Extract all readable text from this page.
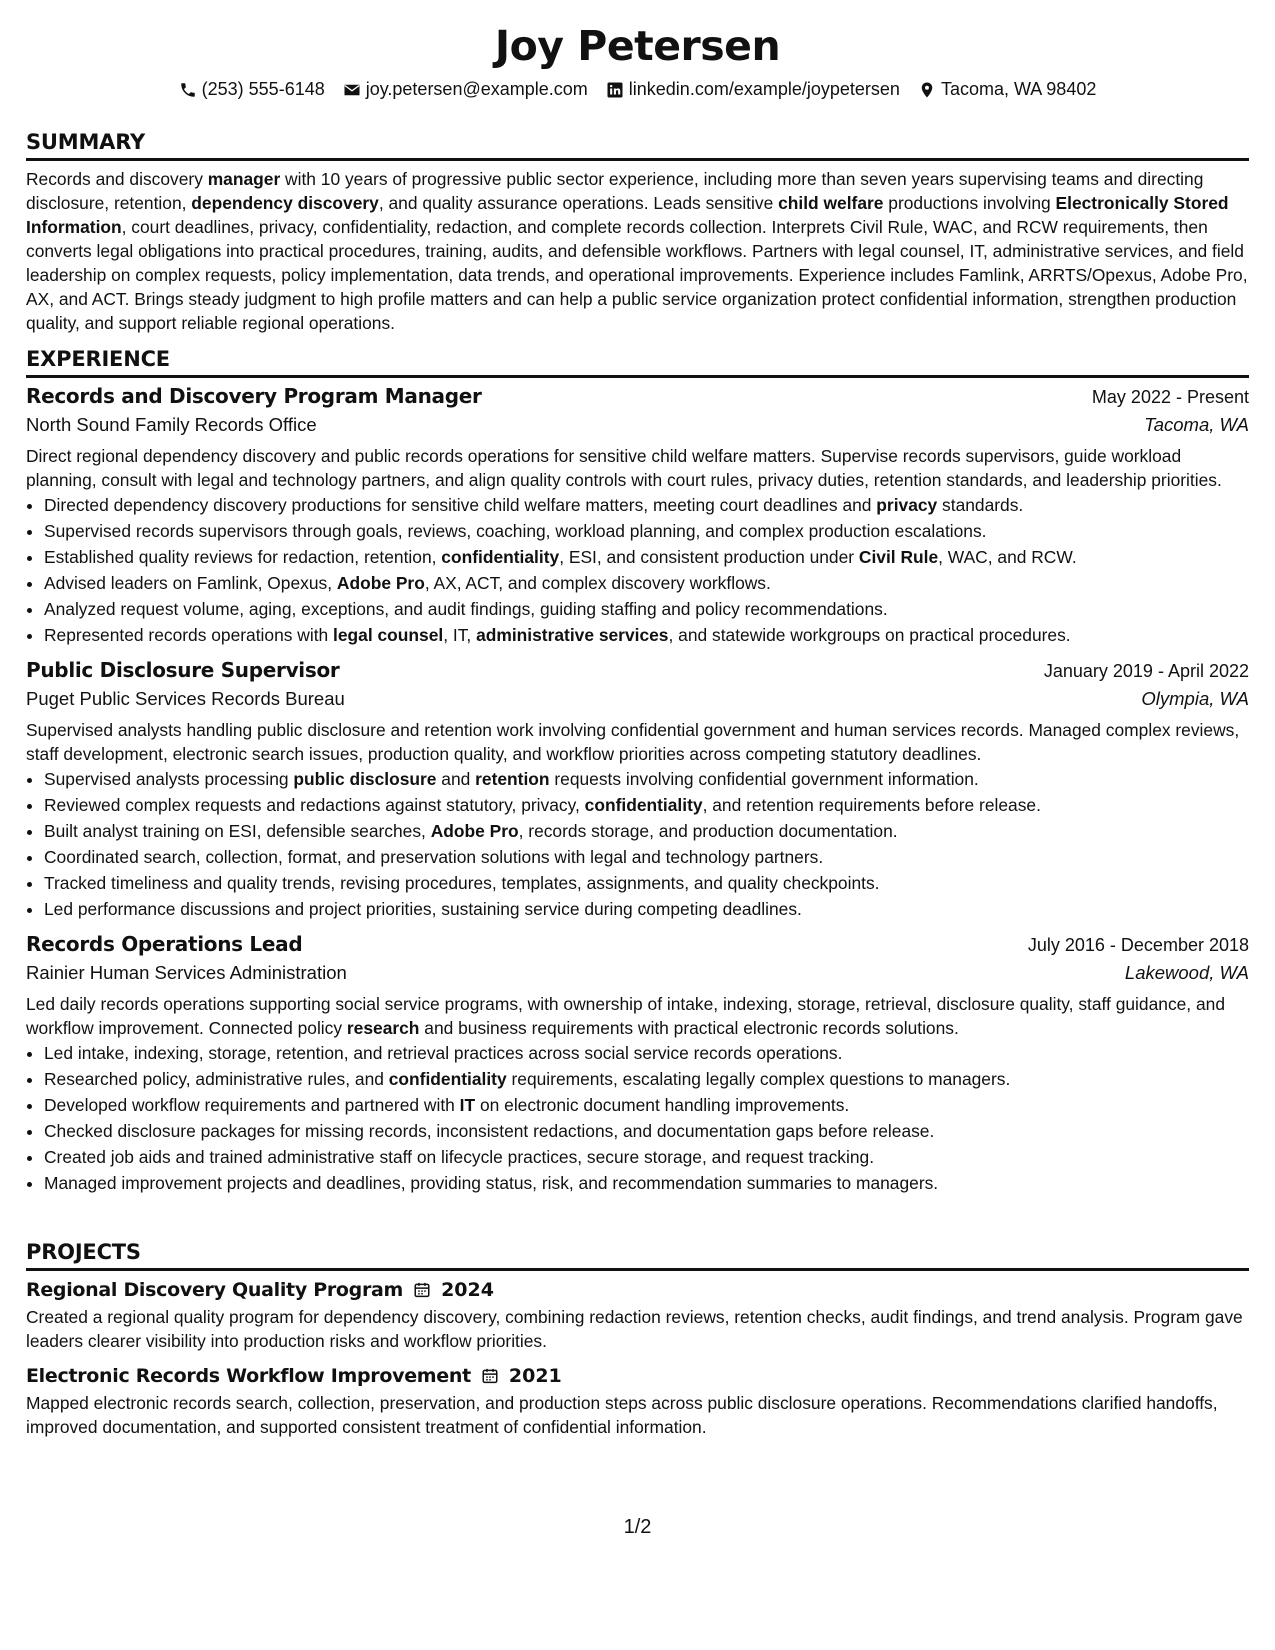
Joy Petersen
(253) 555-6148 joy.petersen@example.com linkedin.com/example/joypetersen Tacoma, WA 98402
SUMMARY

Records and discovery manager with 10 years of progressive public sector experience, including more than seven years supervising teams and directing disclosure, retention, dependency discovery, and quality assurance operations. Leads sensitive child welfare productions involving Electronically Stored Information, court deadlines, privacy, confidentiality, redaction, and complete records collection. Interprets Civil Rule, WAC, and RCW requirements, then converts legal obligations into practical procedures, training, audits, and defensible workflows. Partners with legal counsel, IT, administrative services, and field leadership on complex requests, policy implementation, data trends, and operational improvements. Experience includes Famlink, ARRTS/Opexus, Adobe Pro, AX, and ACT. Brings steady judgment to high profile matters and can help a public service organization protect confidential information, strengthen production quality, and support reliable regional operations.

EXPERIENCE
Records and Discovery Program Manager	May 2022 - Present
North Sound Family Records Office	Tacoma, WA

Direct regional dependency discovery and public records operations for sensitive child welfare matters. Supervise records supervisors, guide workload planning, consult with legal and technology partners, and align quality controls with court rules, privacy duties, retention standards, and leadership priorities.

• Directed dependency discovery productions for sensitive child welfare matters, meeting court deadlines and privacy standards.
• Supervised records supervisors through goals, reviews, coaching, workload planning, and complex production escalations.
• Established quality reviews for redaction, retention, confidentiality, ESI, and consistent production under Civil Rule, WAC, and RCW.
• Advised leaders on Famlink, Opexus, Adobe Pro, AX, ACT, and complex discovery workflows.
• Analyzed request volume, aging, exceptions, and audit findings, guiding staffing and policy recommendations.
• Represented records operations with legal counsel, IT, administrative services, and statewide workgroups on practical procedures.
Public Disclosure Supervisor	January 2019 - April 2022
Puget Public Services Records Bureau	Olympia, WA

Supervised analysts handling public disclosure and retention work involving confidential government and human services records. Managed complex reviews, staff development, electronic search issues, production quality, and workflow priorities across competing statutory deadlines.

• Supervised analysts processing public disclosure and retention requests involving confidential government information.
• Reviewed complex requests and redactions against statutory, privacy, confidentiality, and retention requirements before release.
• Built analyst training on ESI, defensible searches, Adobe Pro, records storage, and production documentation.
• Coordinated search, collection, format, and preservation solutions with legal and technology partners.
• Tracked timeliness and quality trends, revising procedures, templates, assignments, and quality checkpoints.
• Led performance discussions and project priorities, sustaining service during competing deadlines.
Records Operations Lead	July 2016 - December 2018
Rainier Human Services Administration	Lakewood, WA

Led daily records operations supporting social service programs, with ownership of intake, indexing, storage, retrieval, disclosure quality, staff guidance, and workflow improvement. Connected policy research and business requirements with practical electronic records solutions.

• Led intake, indexing, storage, retention, and retrieval practices across social service records operations.
• Researched policy, administrative rules, and confidentiality requirements, escalating legally complex questions to managers.
• Developed workflow requirements and partnered with IT on electronic document handling improvements.
• Checked disclosure packages for missing records, inconsistent redactions, and documentation gaps before release.
• Created job aids and trained administrative staff on lifecycle practices, secure storage, and request tracking.
• Managed improvement projects and deadlines, providing status, risk, and recommendation summaries to managers.
PROJECTS
Regional Discovery Quality Program 2024

Created a regional quality program for dependency discovery, combining redaction reviews, retention checks, audit findings, and trend analysis. Program gave leaders clearer visibility into production risks and workflow priorities.

Electronic Records Workflow Improvement 2021

Mapped electronic records search, collection, preservation, and production steps across public disclosure operations. Recommendations clarified handoffs, improved documentation, and supported consistent treatment of confidential information.

1/2
